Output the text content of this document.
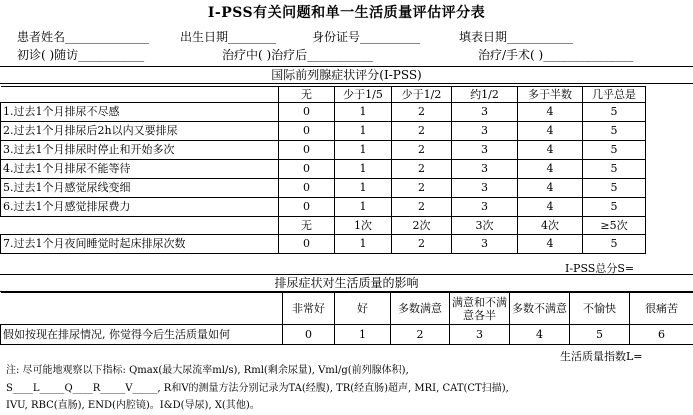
I-PSS有关问题和单一生活质量评估评分表
患者姓名______________	出生日期________	身份证号__________	填表日期___________
初诊( )随访___________	治疗中( )治疗后___________	治疗/手术( )_______________
国际前列腺症状评分(I-PSS)
	无	少于1/5	少于1/2	约1/2	多于半数	几乎总是
1.过去1个月排尿不尽感	0	1	2	3	4	5
2.过去1个月排尿后2h以内又要排尿	0	1	2	3	4	5
3.过去1个月排尿时停止和开始多次	0	1	2	3	4	5
4.过去1个月排尿不能等待	0	1	2	3	4	5
5.过去1个月感觉尿线变细	0	1	2	3	4	5
6.过去1个月感觉排尿费力	0	1	2	3	4	5
	无	1次	2次	3次	4次	≥5次
7.过去1个月夜间睡觉时起床排尿次数	0	1	2	3	4	5
I-PSS总分S=
排尿症状对生活质量的影响
	非常好	好	多数满意	满意和不满意各半	多数不满意	不愉快	很痛苦
假如按现在排尿情况, 你觉得今后生活质量如何	0	1	2	3	4	5	6
生活质量指数L=
注: 尽可能地观察以下指标: Qmax(最大尿流率ml/s), Rml(剩余尿量), Vml/g(前列腺体积),
S____L_____Q____R_____V_____, R和V的测量方法分别记录为TA(经腹), TR(经直肠)超声, MRI, CAT(CT扫描),
IVU, RBC(直肠), END(内腔镜)。I&D(导尿), X(其他)。
